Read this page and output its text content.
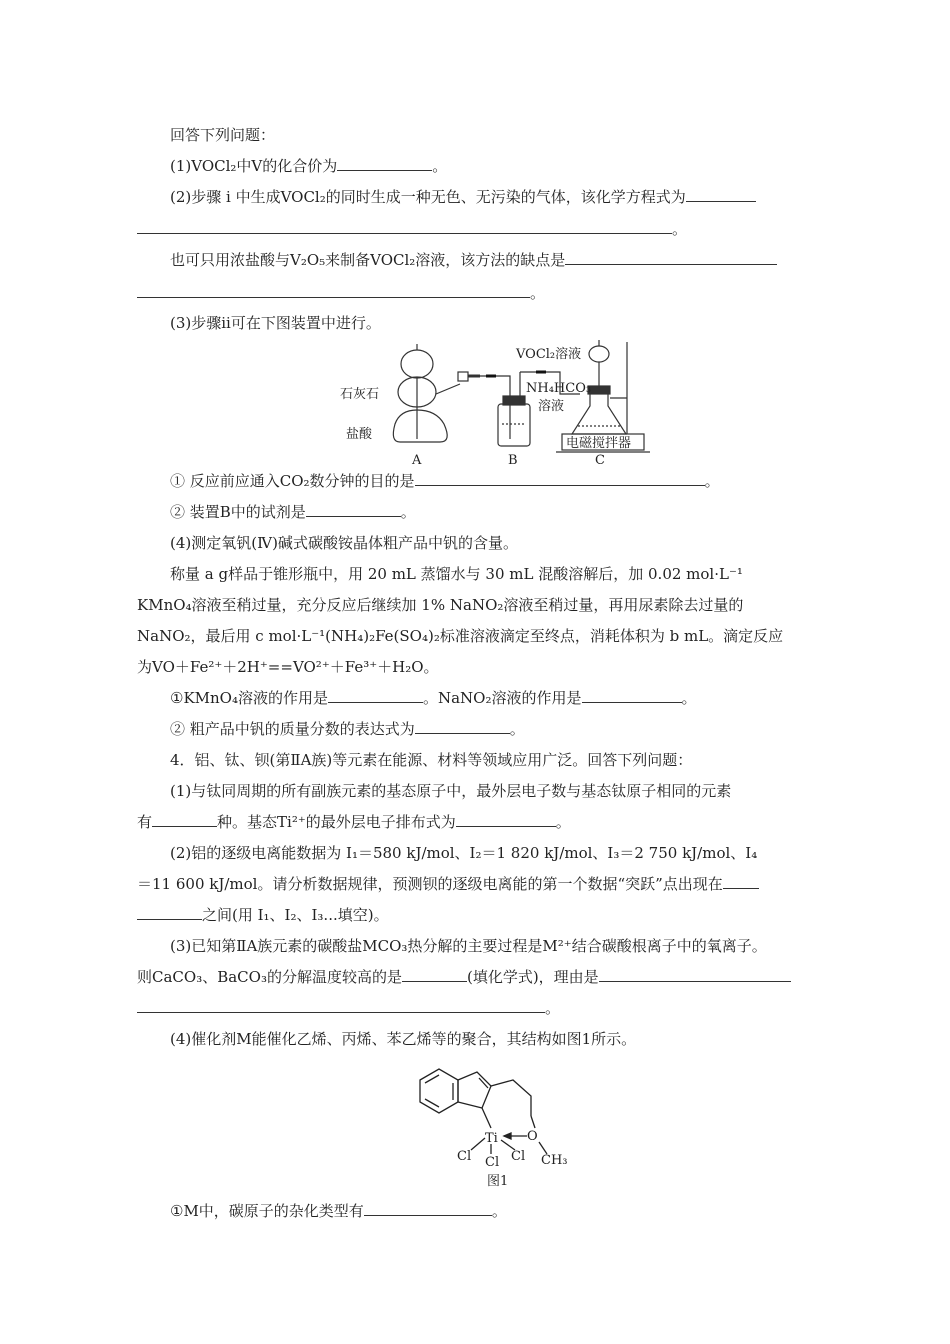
回答下列问题：
(1)VOCl₂中V的化合价为	。
(2)步骤 i 中生成VOCl₂的同时生成一种无色、无污染的气体，该化学方程式为
。
也可只用浓盐酸与V₂O₅来制备VOCl₂溶液，该方法的缺点是
。
(3)步骤ii可在下图装置中进行。
石灰石
盐酸
VOCl₂溶液
NH₄HCO₃
溶液
电磁搅拌器
A	B	C
① 反应前应通入CO₂数分钟的目的是	。
② 装置B中的试剂是	。
(4)测定氧钒(Ⅳ)碱式碳酸铵晶体粗产品中钒的含量。
称量 a g样品于锥形瓶中，用 20 mL 蒸馏水与 30 mL 混酸溶解后，加 0.02 mol·L⁻¹
KMnO₄溶液至稍过量，充分反应后继续加 1% NaNO₂溶液至稍过量，再用尿素除去过量的
NaNO₂，最后用 c mol·L⁻¹(NH₄)₂Fe(SO₄)₂标准溶液滴定至终点，消耗体积为 b mL。滴定反应
为VO＋Fe²⁺＋2H⁺==VO²⁺＋Fe³⁺＋H₂O。
①KMnO₄溶液的作用是	。NaNO₂溶液的作用是	。
② 粗产品中钒的质量分数的表达式为	。
4．铝、钛、钡(第ⅡA族)等元素在能源、材料等领域应用广泛。回答下列问题：
(1)与钛同周期的所有副族元素的基态原子中，最外层电子数与基态钛原子相同的元素
有	种。基态Ti²⁺的最外层电子排布式为	。
(2)铝的逐级电离能数据为 I₁＝580 kJ/mol、I₂＝1 820 kJ/mol、I₃＝2 750 kJ/mol、I₄
＝11 600 kJ/mol。请分析数据规律，预测钡的逐级电离能的第一个数据“突跃”点出现在
之间(用 I₁、I₂、I₃...填空)。
(3)已知第ⅡA族元素的碳酸盐MCO₃热分解的主要过程是M²⁺结合碳酸根离子中的氧离子。
则CaCO₃、BaCO₃的分解温度较高的是	(填化学式)，理由是
。
(4)催化剂M能催化乙烯、丙烯、苯乙烯等的聚合，其结构如图1所示。
Ti O
Cl Cl Cl CH₃
图1
①M中，碳原子的杂化类型有	。
